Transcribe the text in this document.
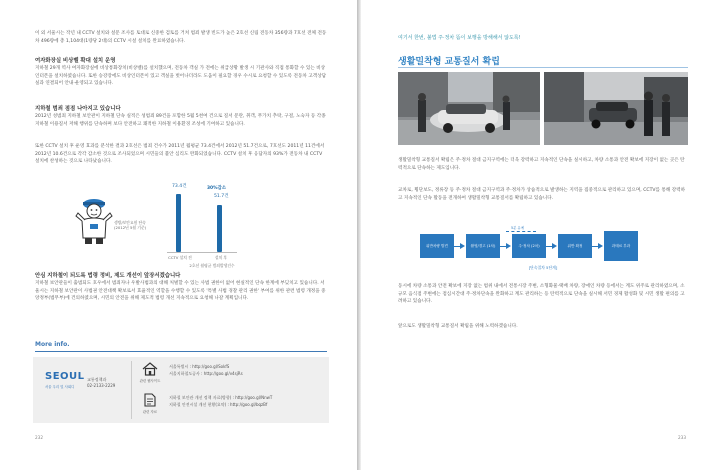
이 외 서울시는 작년 내 CCTV 설치와 설문 조사를 토대로 신중한 검토를 거쳐 범죄 발생 빈도가 높은 2호선 신림 전동차 356량과 7호선 전체 전동차 496량에 총 1,104대(1량당 2대)의 CCTV 시설 설치를 완료하였습니다.
여자화장실 비상벨 확대 설치 운영
지하철 29개 역사 여자화장실에 비상통화장치(비상벨)를 설치했으며, 전동차 객실 가 전에는 위급상황 발생 시 기관사와 직접 통화할 수 있는 비상인터폰을 설치하였습니다. 또한 승강장에도 비상인터폰이 있고 객실을 벗어나더라도 도움이 필요할 경우 수시로 요청할 수 있도록 전동차 고객상담실과 연결되어 안내·운영되고 있습니다.
지하철 범죄 점점 나아지고 있습니다
2012년 성범죄 지하철 보안관이 지하철 단속 실적은 성범죄 89건을 포함한 5월 5천여 건으로 질서 문란, 취객, 무가치 추락, 구걸, 노숙자 등 각종 지하철 이용질서 저해 행위를 단속하며 보다 안전하고 쾌적한 지하철 이용환경 조성에 기여하고 있습니다.
또한 CCTV 설치 후 운영 효과를 분석한 결과 2호선은 범죄 건수가 2011년 월평균 73.4건에서 2012년 51.7건으로, 7호선도 2011년 11건에서 2012년 10.6건으로 각각 감소한 것으로 조사되었으며 시민들의 불안 심리도 완화되었습니다. CCTV 설치 후 응답자의 93%가 전동차 내 CCTV 설치에 찬성하는 것으로 나타났습니다.
생방/보안요원 단속 (2012년 5월 기준)
73.4건	30%감소
51.7건
CCTV 설치 전	설치 후
2호선 월평균 범죄발생건수
안심 지하철이 되도록 법령 정비, 제도 개선이 앞장서겠습니다
지하철 보안관들이 출범되도 호우에서 범죄자나 우발사범과의 대해 처벌할 수 있는 사법 권한이 없어 현실적인 단속 한계에 부딪치고 있습니다. 서울시는 지하철 보안관이 사법권 안전대책 확보로서 효율적인 역할을 수행할 수 있도록 '특별 사법 경찰 관리 권한' 부여를 위한 관련 법령 개정을 중앙정부(법무부)에 건의하였으며, 시민의 안전을 위해 제도적 법령 개선 지속적으로 요청해 나갈 계획입니다.
More info.
SEOUL
서울 우리 및 사회디
교통정책과
02-2133-2229
관련 웹사이트
서울특별시 : http://goo.gl/SokfS
서울지하철도공사 : http://goo.gl/v4sjRs
관련 자료
지하철 보안관 개선 정책 자료(방향) : http://goo.gl/NnwT
지하철 안전시설 개선 현황(요약) : http://goo.gl/bqzBf
232
여기서 한번, 불법 주·정차 뜸이 보행을 방해해서 않도록!
생활밀착형 교통질서 확립
생활밀착형 교통질서 확립은 주·정차 절대 금지구역에는 더욱 강력하고 지속적인 단속을 실시하고, 차량 소통과 안전 확보에 지장이 없는 곳은 탄력적으로 단속하는 제도입니다.
교차로, 횡단보도, 정류장 등 주·정차 절대 금지구역과 주·정차가 상습적으로 발생하는 지역을 집중적으로 관리하고 있으며, CCTV를 통해 강력하고 지속적인 단속 활동을 전개하여 생활밀착형 교통질서를 확립하고 있습니다.
5분 유예
위반차량 발견	촬영/경고 (1차)	주·정차 (2차)	위반 확정	과태료 부과
[단속절차 5단계]
동시에 차량 소통과 안전 확보에 지장 없는 범위 내에서 전통시장 주변, 소형화물·택배 차량, 장애인 차량 등에서는 계도 위주로 관리하였으며, 소규모 음식점 주변에는 점심시간대 주·정차단속을 완화하고 계도 관리하는 등 탄력적으로 단속을 실시해 서민 경제 활성화 및 시민 생활 편의를 고려하고 있습니다.
앞으로도 생활밀착형 교통질서 확립을 위해 노력하겠습니다.
233
